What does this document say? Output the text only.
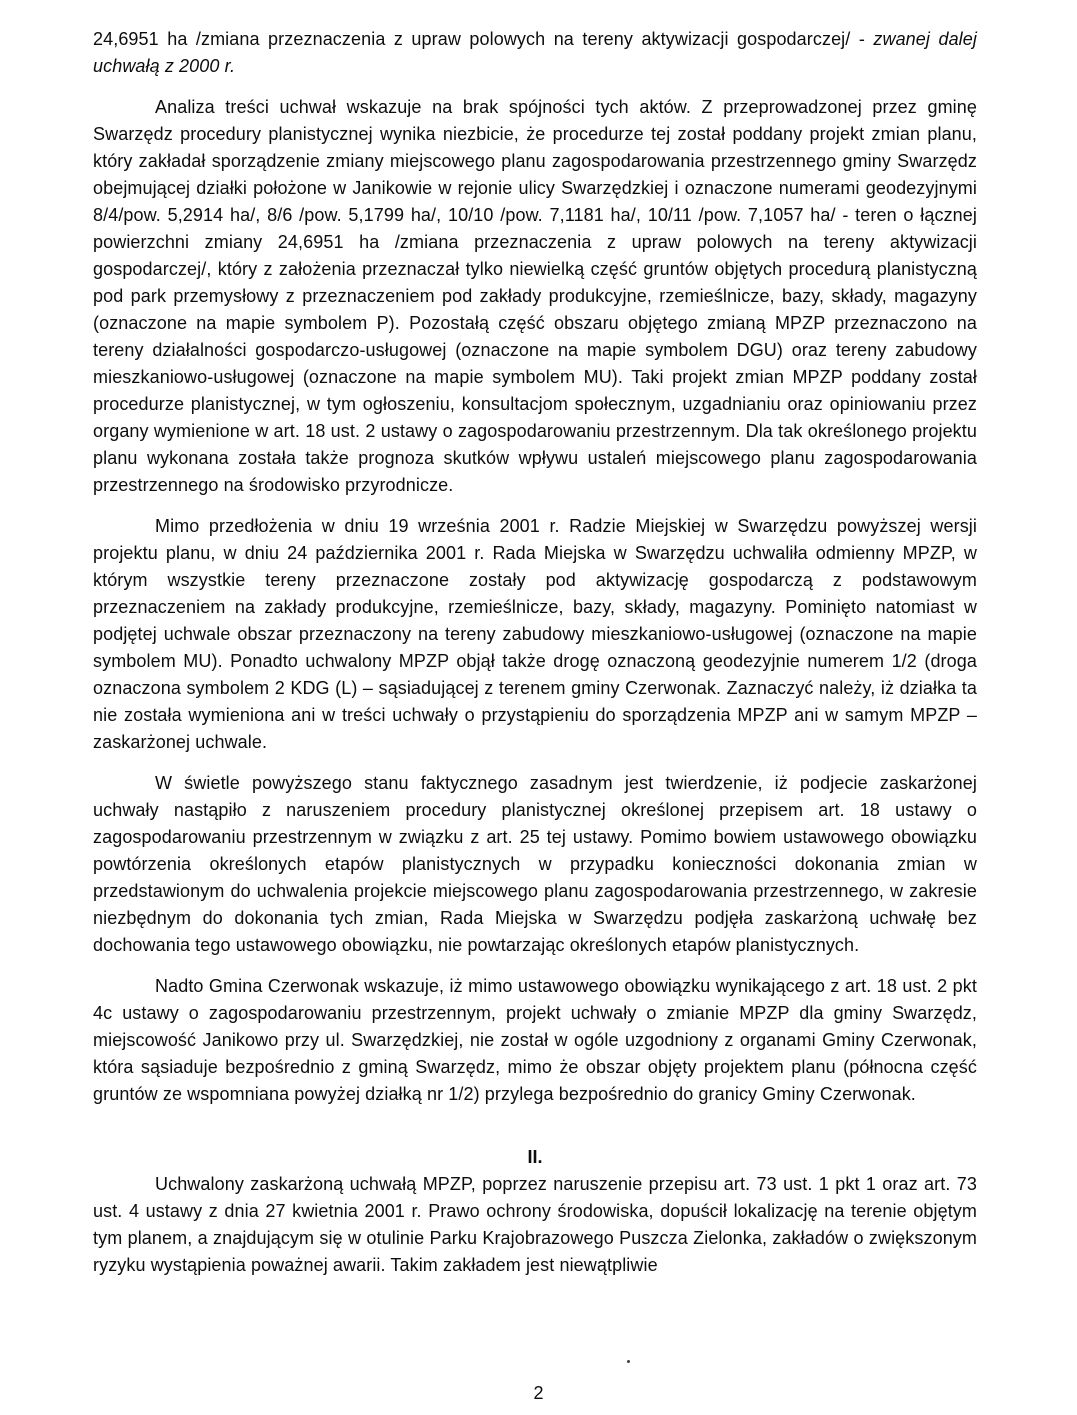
24,6951 ha /zmiana przeznaczenia z upraw polowych na tereny aktywizacji gospodarczej/ - zwanej dalej uchwałą z 2000 r.

Analiza treści uchwał wskazuje na brak spójności tych aktów. Z przeprowadzonej przez gminę Swarzędz procedury planistycznej wynika niezbicie, że procedurze tej został poddany projekt zmian planu, który zakładał sporządzenie zmiany miejscowego planu zagospodarowania przestrzennego gminy Swarzędz obejmującej działki położone w Janikowie w rejonie ulicy Swarzędzkiej i oznaczone numerami geodezyjnymi 8/4/pow. 5,2914 ha/, 8/6 /pow. 5,1799 ha/, 10/10 /pow. 7,1181 ha/, 10/11 /pow. 7,1057 ha/ - teren o łącznej powierzchni zmiany 24,6951 ha /zmiana przeznaczenia z upraw polowych na tereny aktywizacji gospodarczej/, który z założenia przeznaczał tylko niewielką część gruntów objętych procedurą planistyczną pod park przemysłowy z przeznaczeniem pod zakłady produkcyjne, rzemieślnicze, bazy, składy, magazyny (oznaczone na mapie symbolem P). Pozostałą część obszaru objętego zmianą MPZP przeznaczono na tereny działalności gospodarczo-usługowej (oznaczone na mapie symbolem DGU) oraz tereny zabudowy mieszkaniowo-usługowej (oznaczone na mapie symbolem MU). Taki projekt zmian MPZP poddany został procedurze planistycznej, w tym ogłoszeniu, konsultacjom społecznym, uzgadnianiu oraz opiniowaniu przez organy wymienione w art. 18 ust. 2 ustawy o zagospodarowaniu przestrzennym. Dla tak określonego projektu planu wykonana została także prognoza skutków wpływu ustaleń miejscowego planu zagospodarowania przestrzennego na środowisko przyrodnicze.

Mimo przedłożenia w dniu 19 września 2001 r. Radzie Miejskiej w Swarzędzu powyższej wersji projektu planu, w dniu 24 października 2001 r. Rada Miejska w Swarzędzu uchwaliła odmienny MPZP, w którym wszystkie tereny przeznaczone zostały pod aktywizację gospodarczą z podstawowym przeznaczeniem na zakłady produkcyjne, rzemieślnicze, bazy, składy, magazyny. Pominięto natomiast w podjętej uchwale obszar przeznaczony na tereny zabudowy mieszkaniowo-usługowej (oznaczone na mapie symbolem MU). Ponadto uchwalony MPZP objął także drogę oznaczoną geodezyjnie numerem 1/2 (droga oznaczona symbolem 2 KDG (L) – sąsiadującej z terenem gminy Czerwonak. Zaznaczyć należy, iż działka ta nie została wymieniona ani w treści uchwały o przystąpieniu do sporządzenia MPZP ani w samym MPZP – zaskarżonej uchwale.

W świetle powyższego stanu faktycznego zasadnym jest twierdzenie, iż podjecie zaskarżonej uchwały nastąpiło z naruszeniem procedury planistycznej określonej przepisem art. 18 ustawy o zagospodarowaniu przestrzennym w związku z art. 25 tej ustawy. Pomimo bowiem ustawowego obowiązku powtórzenia określonych etapów planistycznych w przypadku konieczności dokonania zmian w przedstawionym do uchwalenia projekcie miejscowego planu zagospodarowania przestrzennego, w zakresie niezbędnym do dokonania tych zmian, Rada Miejska w Swarzędzu podjęła zaskarżoną uchwałę bez dochowania tego ustawowego obowiązku, nie powtarzając określonych etapów planistycznych.

Nadto Gmina Czerwonak wskazuje, iż mimo ustawowego obowiązku wynikającego z art. 18 ust. 2 pkt 4c ustawy o zagospodarowaniu przestrzennym, projekt uchwały o zmianie MPZP dla gminy Swarzędz, miejscowość Janikowo przy ul. Swarzędzkiej, nie został w ogóle uzgodniony z organami Gminy Czerwonak, która sąsiaduje bezpośrednio z gminą Swarzędz, mimo że obszar objęty projektem planu (północna część gruntów ze wspomniana powyżej działką nr 1/2) przylega bezpośrednio do granicy Gminy Czerwonak.

II.

Uchwalony zaskarżoną uchwałą MPZP, poprzez naruszenie przepisu art. 73 ust. 1 pkt 1 oraz art. 73 ust. 4 ustawy z dnia 27 kwietnia 2001 r. Prawo ochrony środowiska, dopuścił lokalizację na terenie objętym tym planem, a znajdującym się w otulinie Parku Krajobrazowego Puszcza Zielonka, zakładów o zwiększonym ryzyku wystąpienia poważnej awarii. Takim zakładem jest niewątpliwie

2
